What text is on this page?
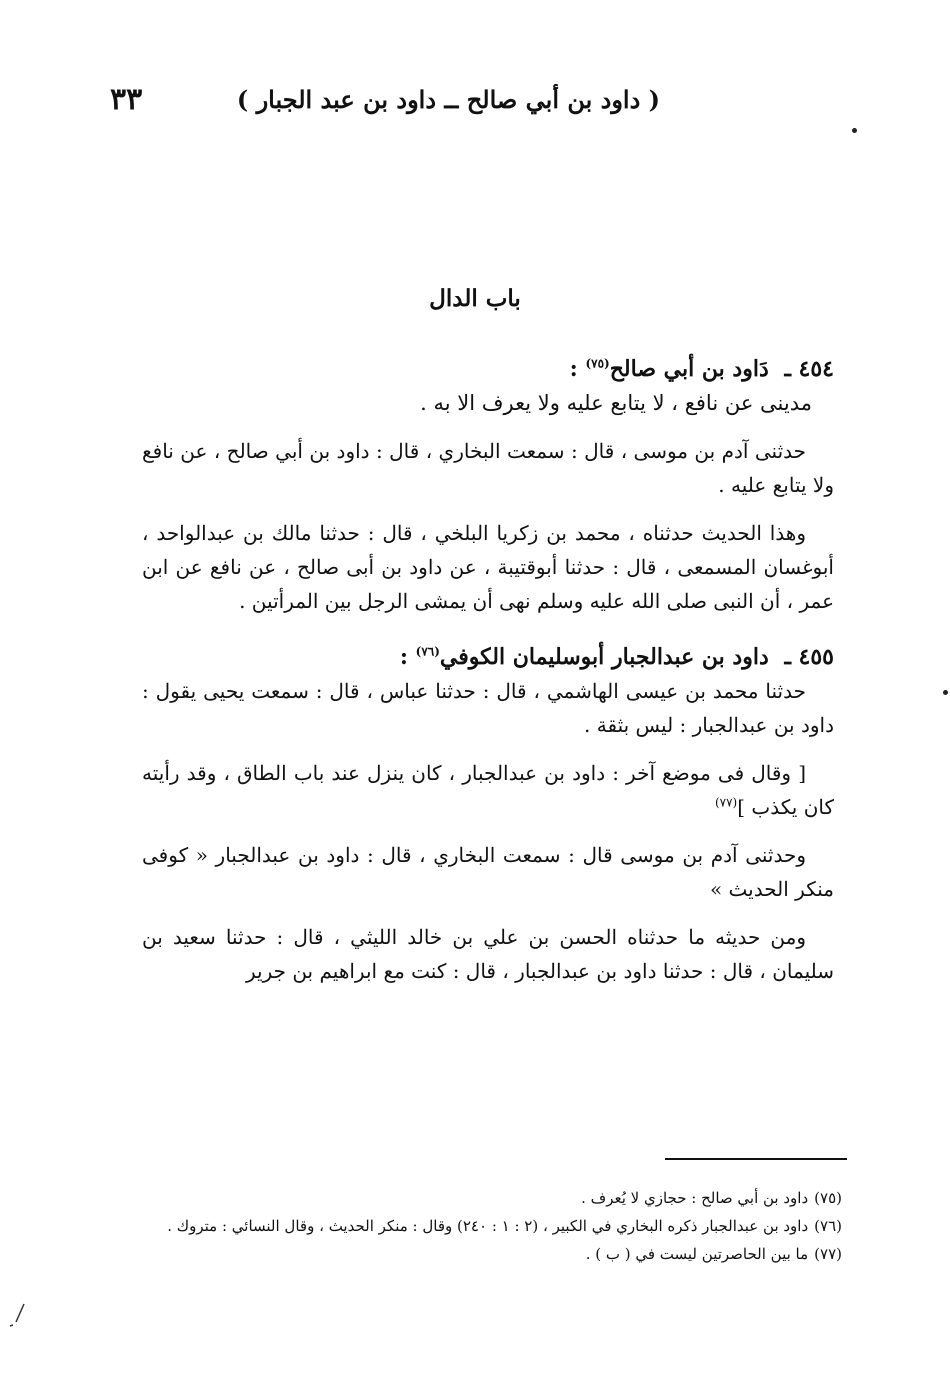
٣٣	( داود بن أبي صالح ــ داود بن عبد الجبار )
باب الدال

٤٥٤ ـ دَاود بن أبي صالح$^{(٧٥)}$ :

مدينى عن نافع ، لا يتابع عليه ولا يعرف الا به .

حدثنى آدم بن موسى ، قال : سمعت البخاري ، قال : داود بن أبي صالح ، عن نافع ولا يتابع عليه .

وهذا الحديث حدثناه ، محمد بن زكريا البلخي ، قال : حدثنا مالك بن عبدالواحد ، أبوغسان المسمعى ، قال : حدثنا أبوقتيبة ، عن داود بن أبى صالح ، عن نافع عن ابن عمر ، أن النبى صلى الله عليه وسلم نهى أن يمشى الرجل بين المرأتين .

٤٥٥ ـ داود بن عبدالجبار أبوسليمان الكوفي$^{(٧٦)}$ :

حدثنا محمد بن عيسى الهاشمي ، قال : حدثنا عباس ، قال : سمعت يحيى يقول : داود بن عبدالجبار : ليس بثقة .

[ وقال فى موضع آخر : داود بن عبدالجبار ، كان ينزل عند باب الطاق ، وقد رأيته كان يكذب ]$^{(٧٧)}$

وحدثنى آدم بن موسى قال : سمعت البخاري ، قال : داود بن عبدالجبار « كوفى منكر الحديث »

ومن حديثه ما حدثناه الحسن بن علي بن خالد الليثي ، قال : حدثنا سعيد بن سليمان ، قال : حدثنا داود بن عبدالجبار ، قال : كنت مع ابراهيم بن جرير

(٧٥)داود بن أبي صالح : حجازي لا يُعرف .

(٧٦)داود بن عبدالجبار ذكره البخاري في الكبير ، (٢ : ١ : ٢٤٠) وقال : منكر الحديث ، وقال النسائي : متروك .

(٧٧)ما بين الحاصرتين ليست في ( ب ) .
